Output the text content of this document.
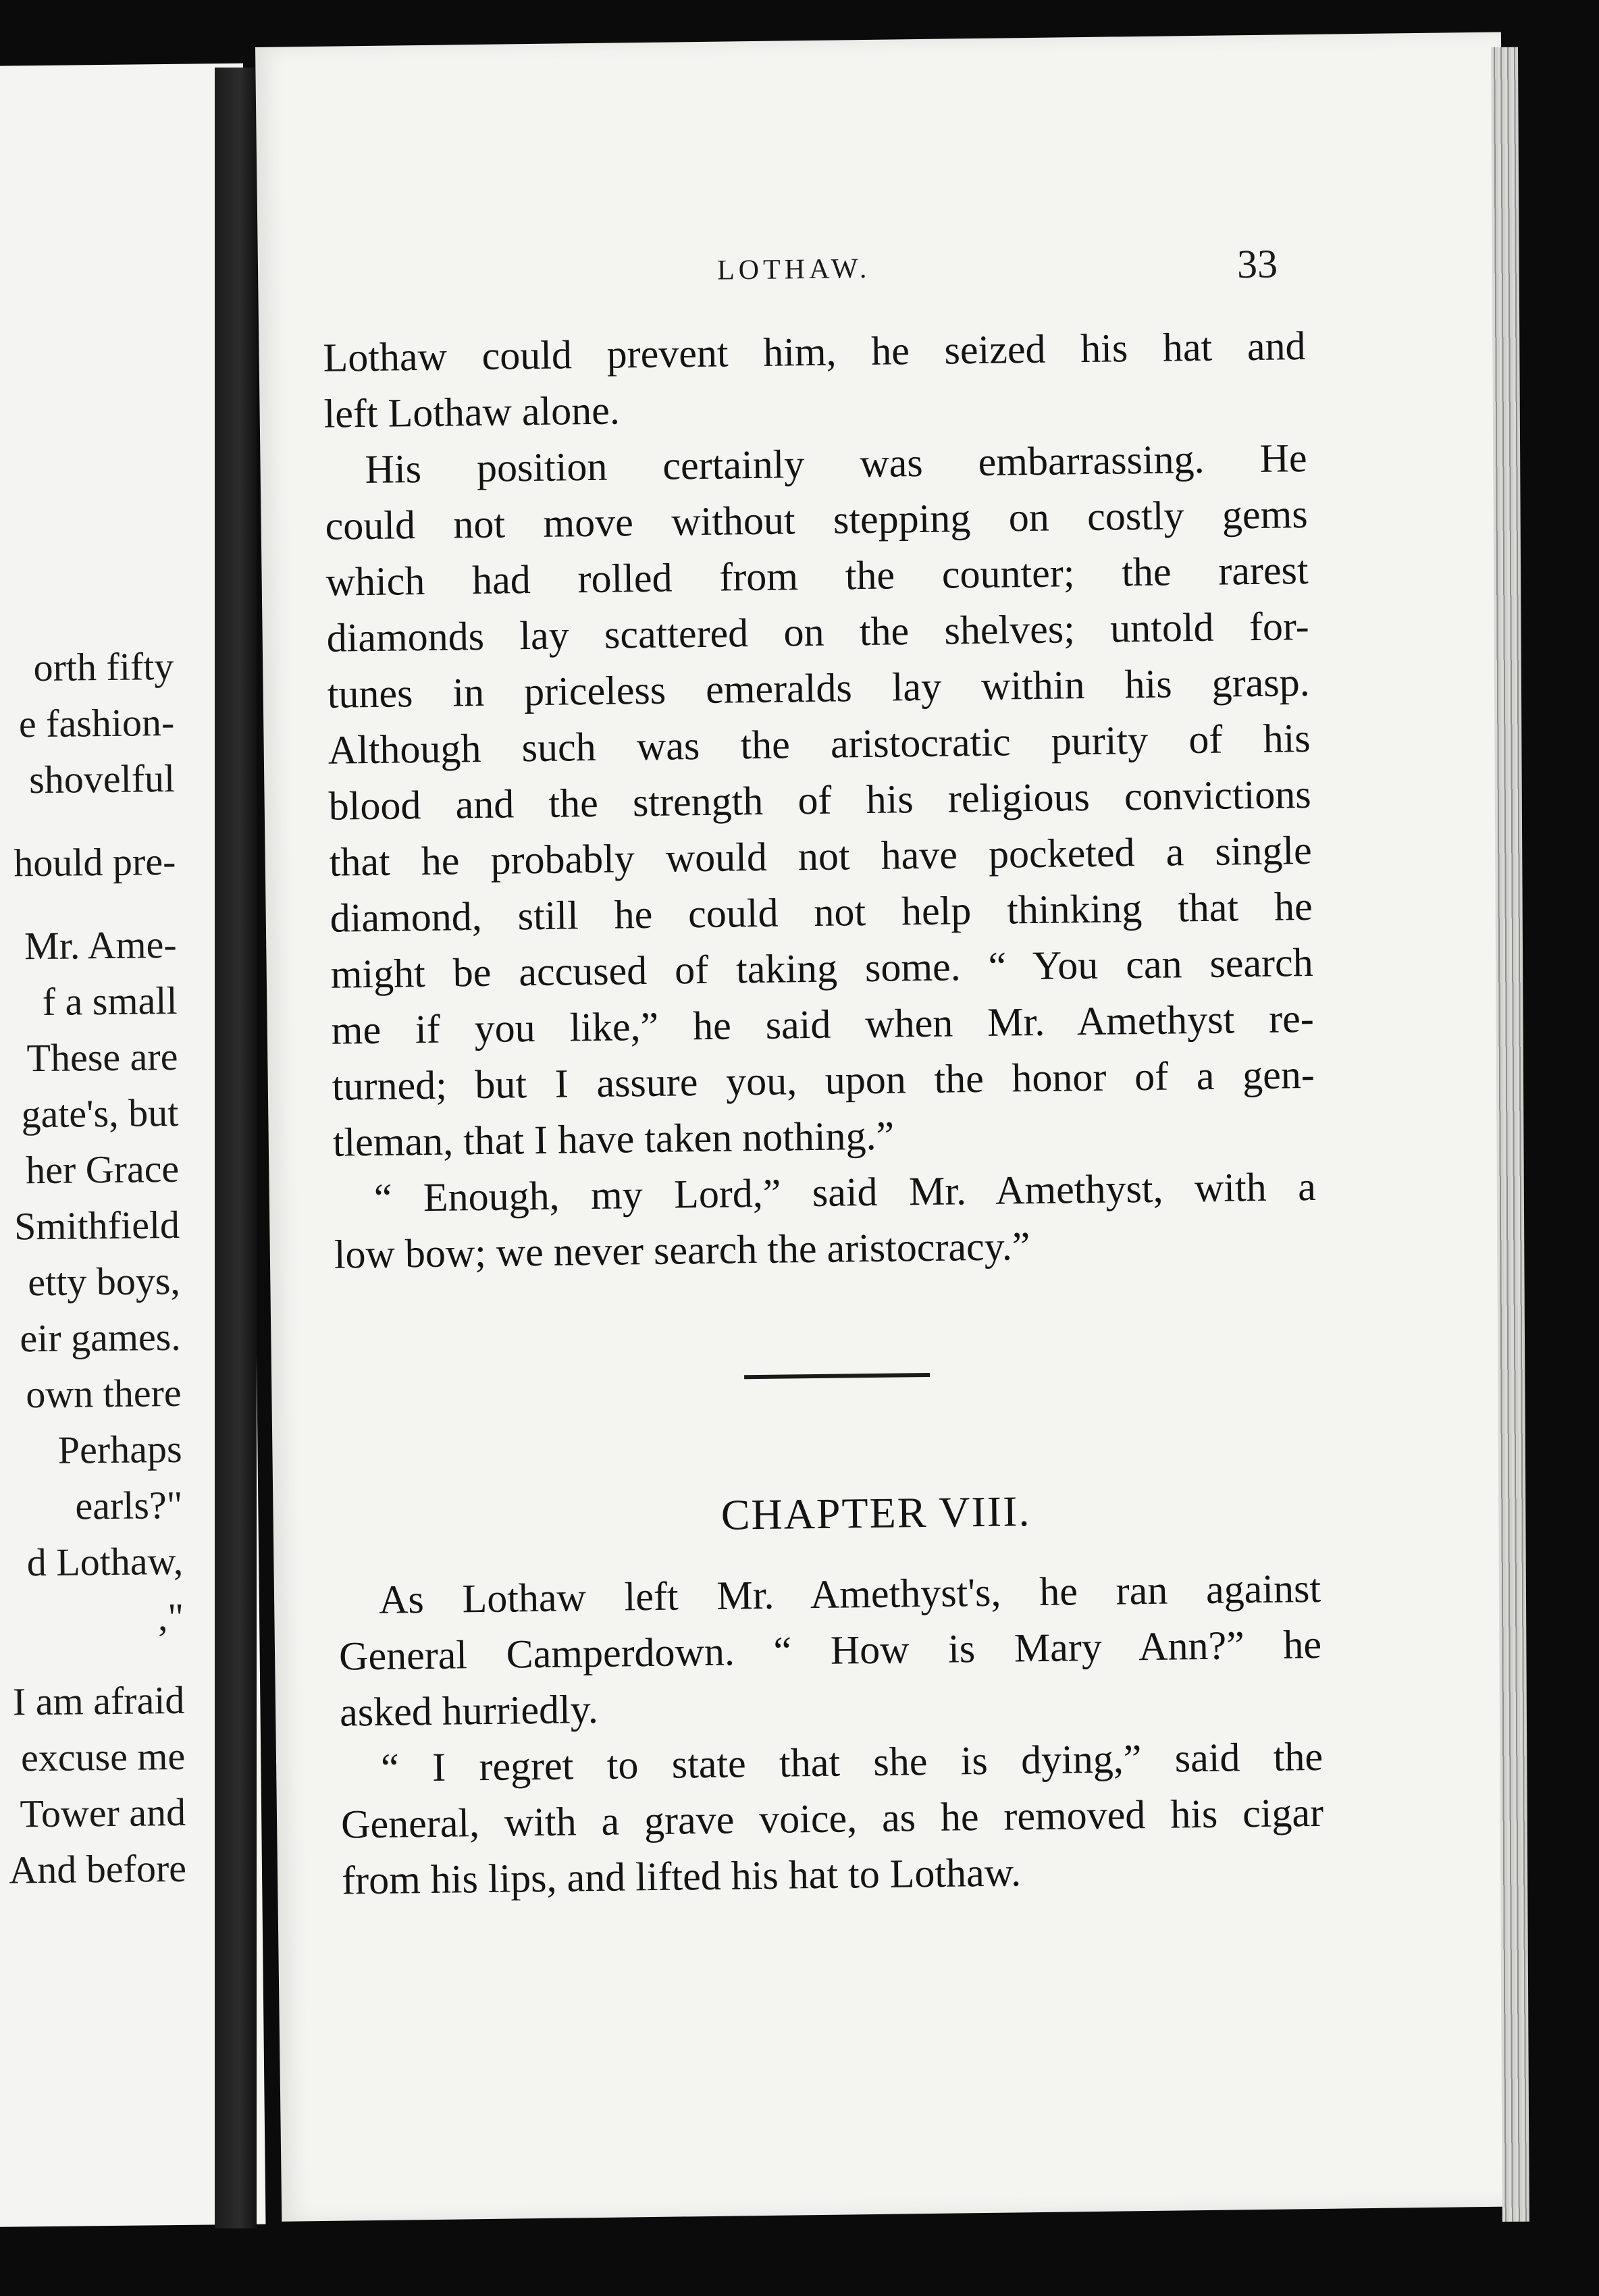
orth fifty
e fashion-
shovelful
hould pre-
Mr. Ame-
f a small
These are
gate's, but
her Grace
Smithfield
etty boys,
eir games.
own there
Perhaps
earls?"
d Lothaw,
,"
I am afraid
excuse me
Tower and
And before
LOTHAW.	33
Lothaw could prevent him, he seized his hat and
left Lothaw alone.
His position certainly was embarrassing. He
could not move without stepping on costly gems
which had rolled from the counter; the rarest
diamonds lay scattered on the shelves; untold for-
tunes in priceless emeralds lay within his grasp.
Although such was the aristocratic purity of his
blood and the strength of his religious convictions
that he probably would not have pocketed a single
diamond, still he could not help thinking that he
might be accused of taking some. “ You can search
me if you like,” he said when Mr. Amethyst re-
turned; but I assure you, upon the honor of a gen-
tleman, that I have taken nothing.”
“ Enough, my Lord,” said Mr. Amethyst, with a
low bow; we never search the aristocracy.”
CHAPTER VIII.
As Lothaw left Mr. Amethyst's, he ran against
General Camperdown. “ How is Mary Ann?” he
asked hurriedly.
“ I regret to state that she is dying,” said the
General, with a grave voice, as he removed his cigar
from his lips, and lifted his hat to Lothaw.
